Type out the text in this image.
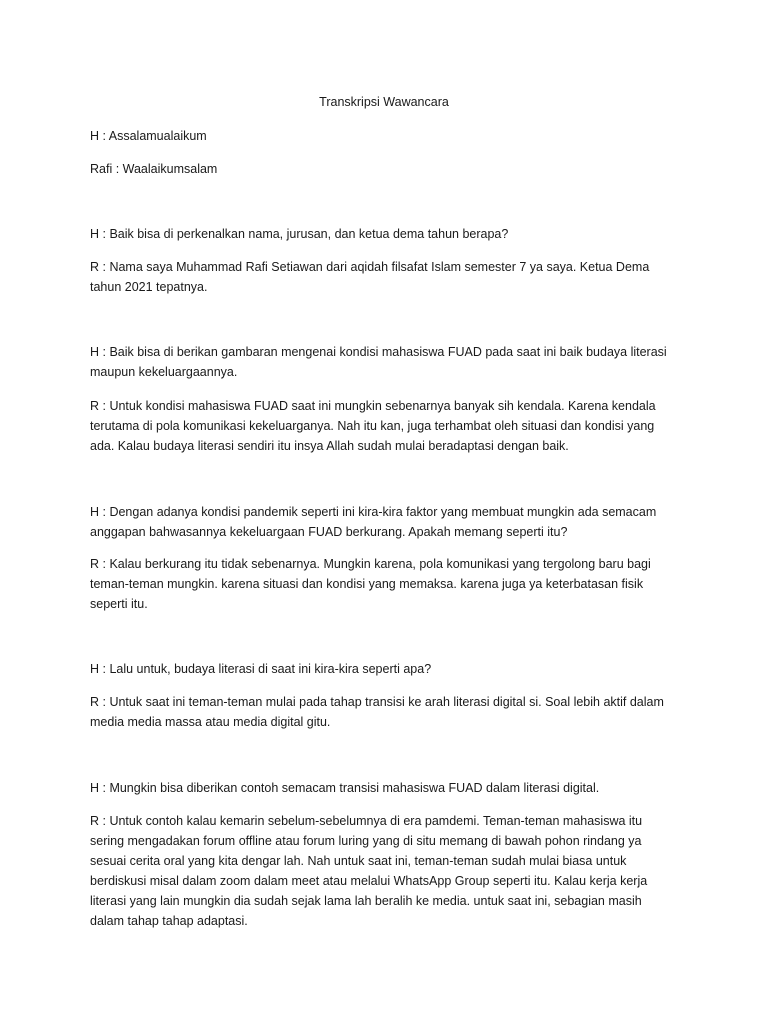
Transkripsi Wawancara
H : Assalamualaikum
Rafi : Waalaikumsalam
H : Baik bisa di perkenalkan nama, jurusan, dan ketua dema tahun berapa?
R : Nama saya Muhammad Rafi Setiawan dari aqidah filsafat Islam semester 7 ya saya. Ketua Dema
tahun 2021 tepatnya.
H : Baik bisa di berikan gambaran mengenai kondisi mahasiswa FUAD pada saat ini baik budaya literasi
maupun kekeluargaannya.
R : Untuk kondisi mahasiswa FUAD saat ini mungkin sebenarnya banyak sih kendala. Karena kendala
terutama di pola komunikasi kekeluarganya. Nah itu kan, juga terhambat oleh situasi dan kondisi yang
ada. Kalau budaya literasi sendiri itu insya Allah sudah mulai beradaptasi dengan baik.
H : Dengan adanya kondisi pandemik seperti ini kira-kira faktor yang membuat mungkin ada semacam
anggapan bahwasannya kekeluargaan FUAD berkurang. Apakah memang seperti itu?
R : Kalau berkurang itu tidak sebenarnya. Mungkin karena, pola komunikasi yang tergolong baru bagi
teman-teman mungkin. karena situasi dan kondisi yang memaksa. karena juga ya keterbatasan fisik
seperti itu.
H : Lalu untuk, budaya literasi di saat ini kira-kira seperti apa?
R : Untuk saat ini teman-teman mulai pada tahap transisi ke arah literasi digital si. Soal lebih aktif dalam
media media massa atau media digital gitu.
H : Mungkin bisa diberikan contoh semacam transisi mahasiswa FUAD dalam literasi digital.
R : Untuk contoh kalau kemarin sebelum-sebelumnya di era pamdemi. Teman-teman mahasiswa itu
sering mengadakan forum offline atau forum luring yang di situ memang di bawah pohon rindang ya
sesuai cerita oral yang kita dengar lah. Nah untuk saat ini, teman-teman sudah mulai biasa untuk
berdiskusi misal dalam zoom dalam meet atau melalui WhatsApp Group seperti itu. Kalau kerja kerja
literasi yang lain mungkin dia sudah sejak lama lah beralih ke media. untuk saat ini, sebagian masih
dalam tahap tahap adaptasi.
